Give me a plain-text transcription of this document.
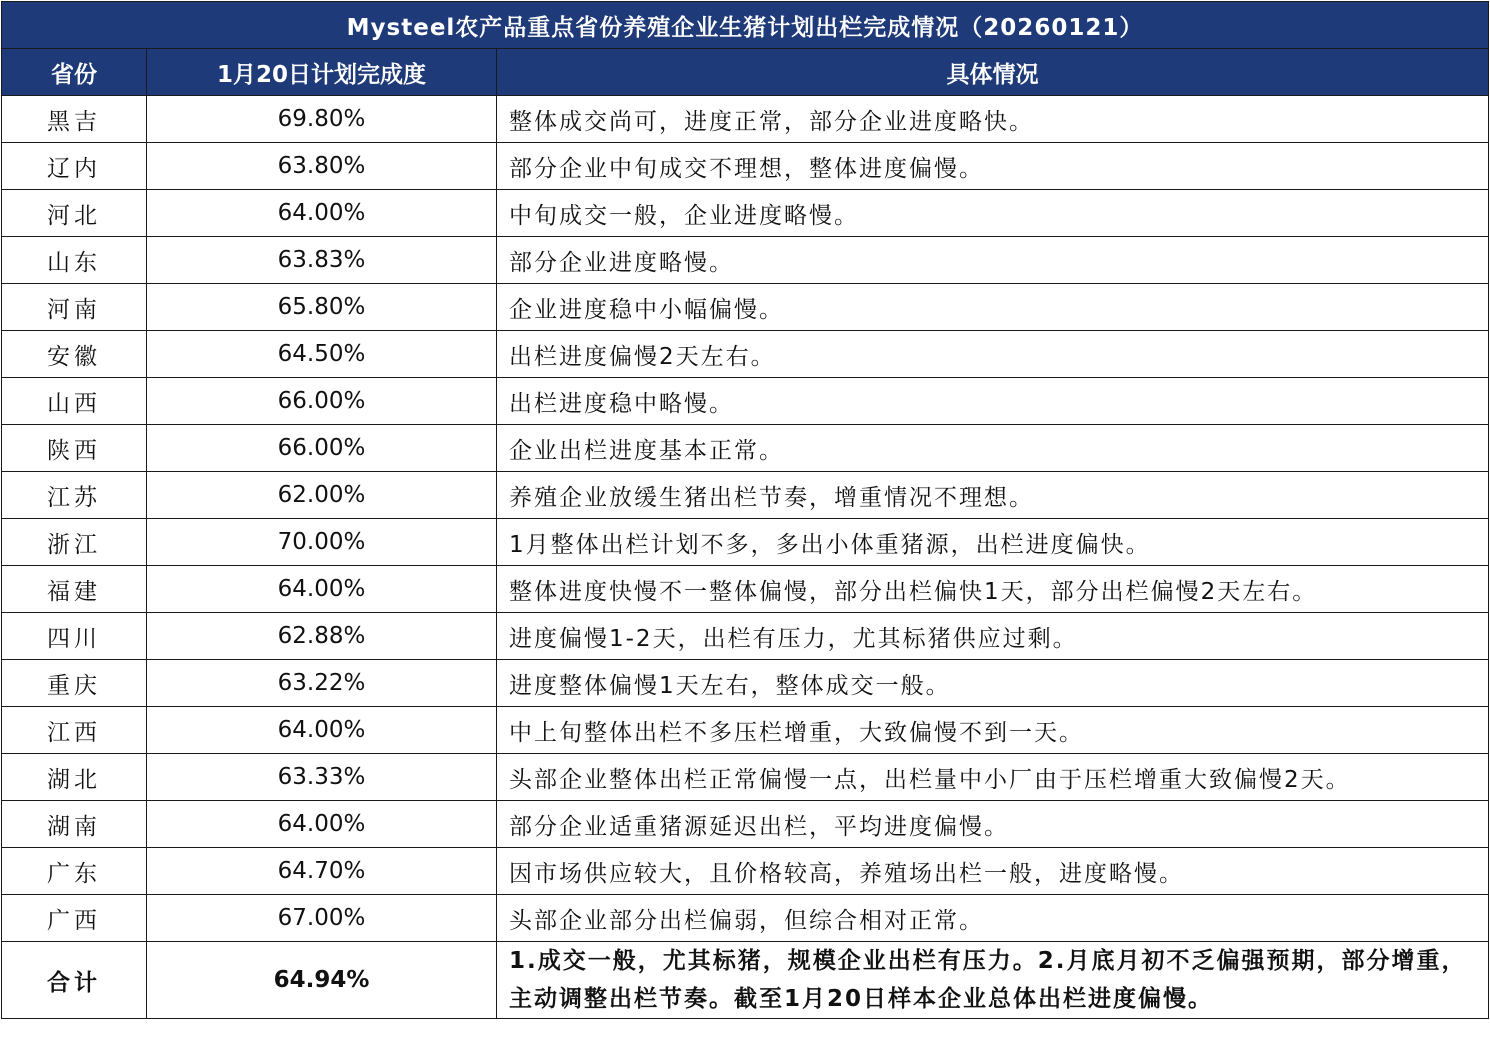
Mysteel农产品重点省份养殖企业生猪计划出栏完成情况（20260121）		
省份	1月20日计划完成度	具体情况
黑吉	69.80%	整体成交尚可，进度正常，部分企业进度略快。
辽内	63.80%	部分企业中旬成交不理想，整体进度偏慢。
河北	64.00%	中旬成交一般，企业进度略慢。
山东	63.83%	部分企业进度略慢。
河南	65.80%	企业进度稳中小幅偏慢。
安徽	64.50%	出栏进度偏慢2天左右。
山西	66.00%	出栏进度稳中略慢。
陕西	66.00%	企业出栏进度基本正常。
江苏	62.00%	养殖企业放缓生猪出栏节奏，增重情况不理想。
浙江	70.00%	1月整体出栏计划不多，多出小体重猪源，出栏进度偏快。
福建	64.00%	整体进度快慢不一整体偏慢，部分出栏偏快1天，部分出栏偏慢2天左右。
四川	62.88%	进度偏慢1-2天，出栏有压力，尤其标猪供应过剩。
重庆	63.22%	进度整体偏慢1天左右，整体成交一般。
江西	64.00%	中上旬整体出栏不多压栏增重，大致偏慢不到一天。
湖北	63.33%	头部企业整体出栏正常偏慢一点，出栏量中小厂由于压栏增重大致偏慢2天。
湖南	64.00%	部分企业适重猪源延迟出栏，平均进度偏慢。
广东	64.70%	因市场供应较大，且价格较高，养殖场出栏一般，进度略慢。
广西	67.00%	头部企业部分出栏偏弱，但综合相对正常。
合计	64.94%	1.成交一般，尤其标猪，规模企业出栏有压力。2.月底月初不乏偏强预期，部分增重，主动调整出栏节奏。截至1月20日样本企业总体出栏进度偏慢。
